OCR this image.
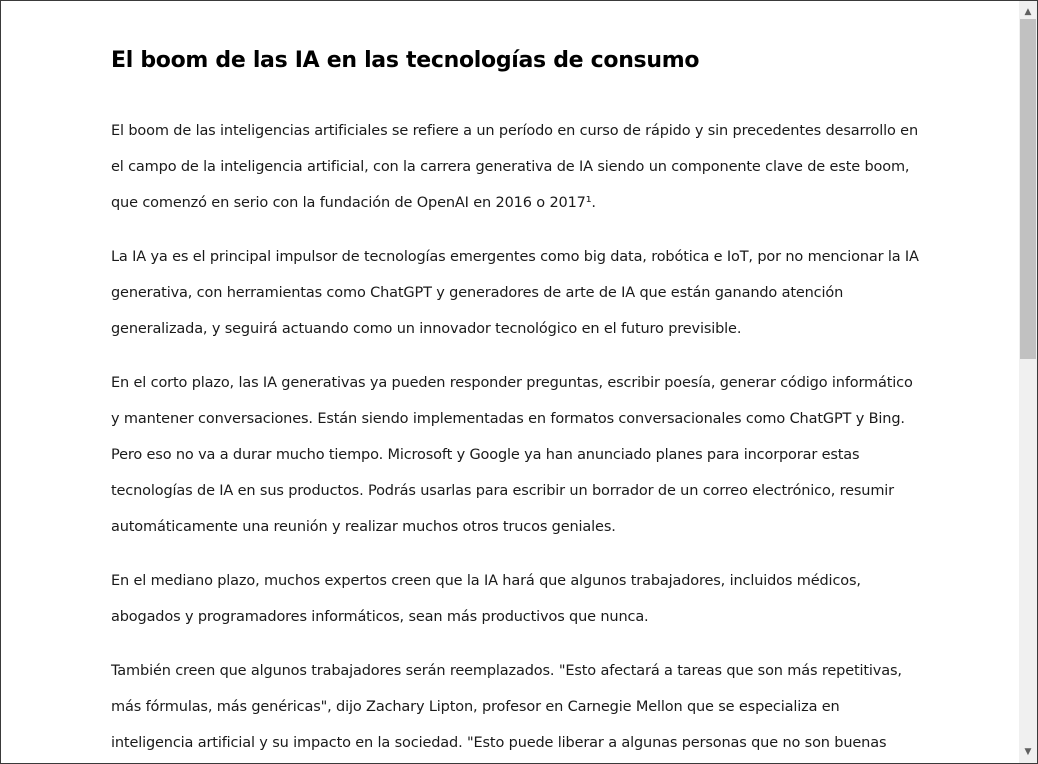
El boom de las IA en las tecnologías de consumo

El boom de las inteligencias artificiales se refiere a un período en curso de rápido y sin precedentes desarrollo en el campo de la inteligencia artificial, con la carrera generativa de IA siendo un componente clave de este boom, que comenzó en serio con la fundación de OpenAI en 2016 o 2017¹.

La IA ya es el principal impulsor de tecnologías emergentes como big data, robótica e IoT, por no mencionar la IA generativa, con herramientas como ChatGPT y generadores de arte de IA que están ganando atención generalizada, y seguirá actuando como un innovador tecnológico en el futuro previsible.

En el corto plazo, las IA generativas ya pueden responder preguntas, escribir poesía, generar código informático y mantener conversaciones. Están siendo implementadas en formatos conversacionales como ChatGPT y Bing. Pero eso no va a durar mucho tiempo. Microsoft y Google ya han anunciado planes para incorporar estas tecnologías de IA en sus productos. Podrás usarlas para escribir un borrador de un correo electrónico, resumir automáticamente una reunión y realizar muchos otros trucos geniales.

En el mediano plazo, muchos expertos creen que la IA hará que algunos trabajadores, incluidos médicos, abogados y programadores informáticos, sean más productivos que nunca.

También creen que algunos trabajadores serán reemplazados. "Esto afectará a tareas que son más repetitivas, más fórmulas, más genéricas", dijo Zachary Lipton, profesor en Carnegie Mellon que se especializa en inteligencia artificial y su impacto en la sociedad. "Esto puede liberar a algunas personas que no son buenas

▲
▼
